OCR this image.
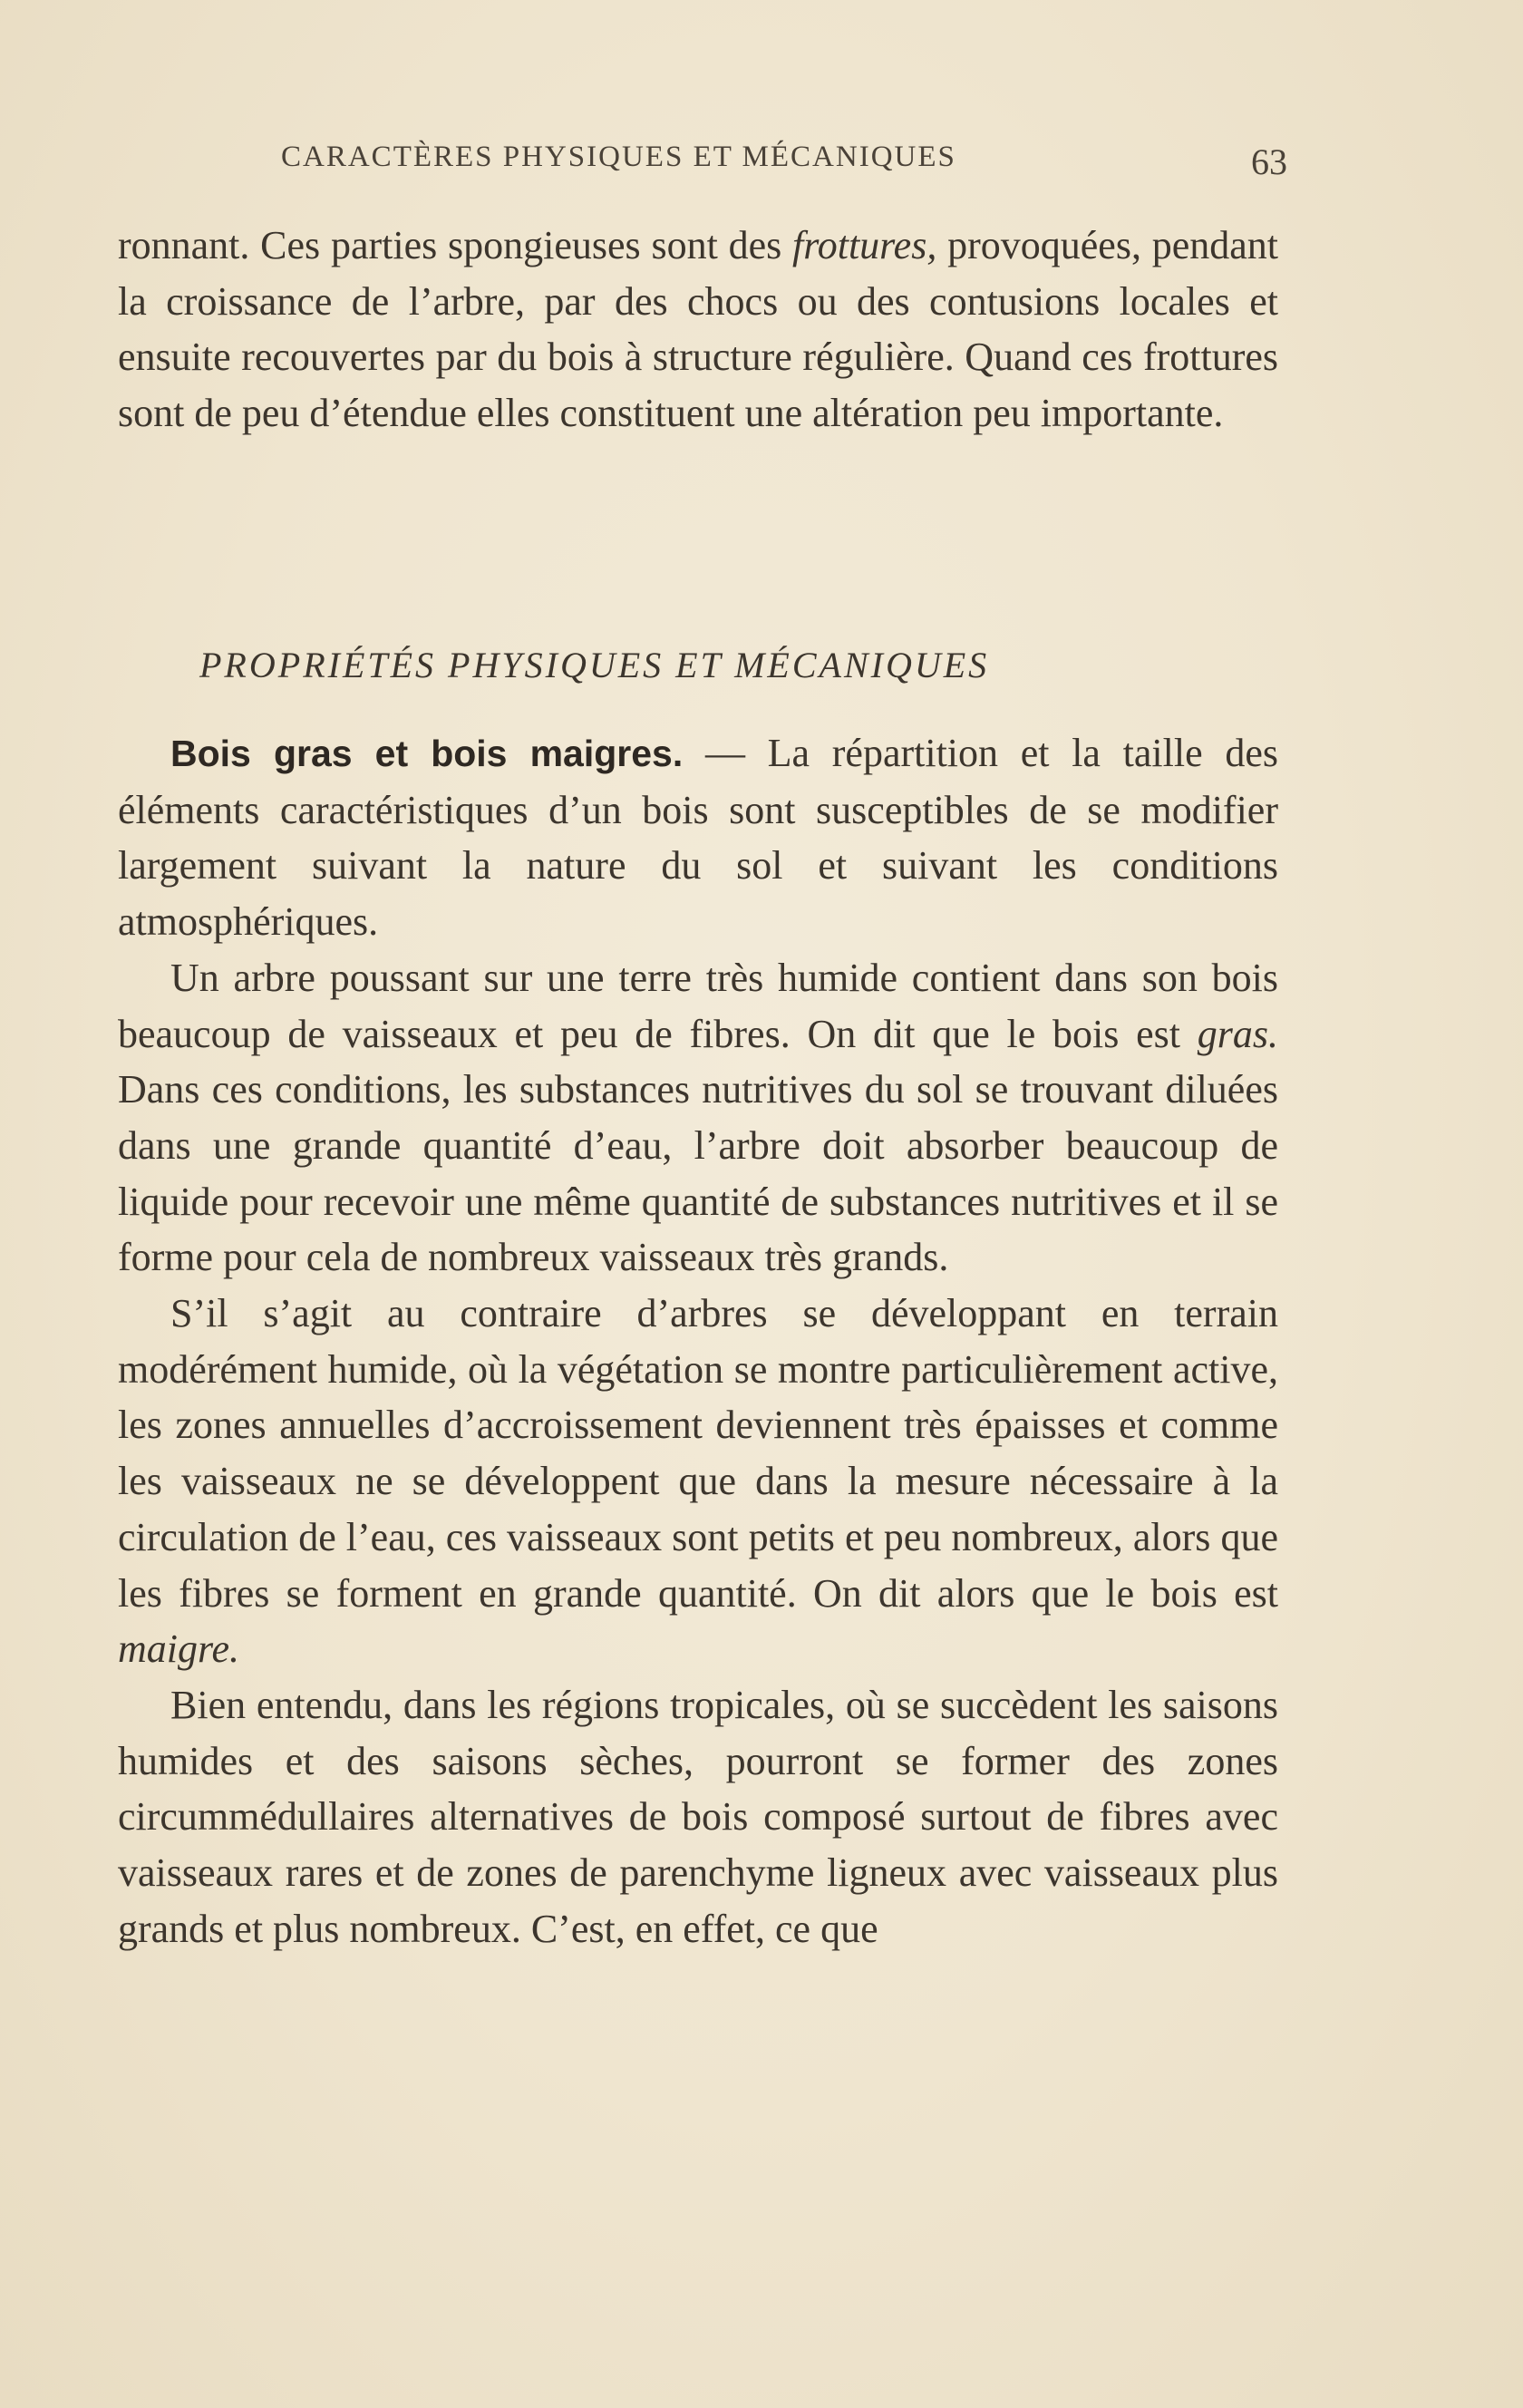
CARACTÈRES PHYSIQUES ET MÉCANIQUES	63

ronnant. Ces parties spongieuses sont des frottures, provoquées, pendant la croissance de l’arbre, par des chocs ou des contusions locales et ensuite recouvertes par du bois à structure régulière. Quand ces frottures sont de peu d’étendue elles constituent une altération peu importante.

PROPRIÉTÉS PHYSIQUES ET MÉCANIQUES

Bois gras et bois maigres. — La répartition et la taille des éléments caractéristiques d’un bois sont susceptibles de se modifier largement suivant la nature du sol et suivant les conditions atmosphériques.

Un arbre poussant sur une terre très humide contient dans son bois beaucoup de vaisseaux et peu de fibres. On dit que le bois est gras. Dans ces conditions, les substances nutritives du sol se trouvant diluées dans une grande quantité d’eau, l’arbre doit absorber beaucoup de liquide pour recevoir une même quantité de substances nutritives et il se forme pour cela de nombreux vaisseaux très grands.

S’il s’agit au contraire d’arbres se développant en terrain modérément humide, où la végétation se montre particulièrement active, les zones annuelles d’accroissement deviennent très épaisses et comme les vaisseaux ne se développent que dans la mesure nécessaire à la circulation de l’eau, ces vaisseaux sont petits et peu nombreux, alors que les fibres se forment en grande quantité. On dit alors que le bois est maigre.

Bien entendu, dans les régions tropicales, où se succèdent les saisons humides et des saisons sèches, pourront se former des zones circummédullaires alternatives de bois composé surtout de fibres avec vaisseaux rares et de zones de parenchyme ligneux avec vaisseaux plus grands et plus nombreux. C’est, en effet, ce que
